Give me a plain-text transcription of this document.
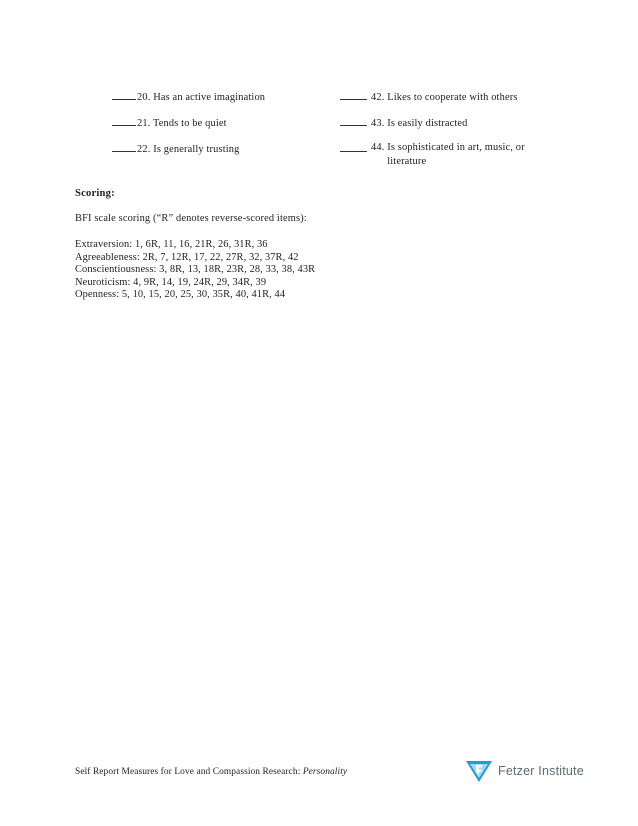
20. Has an active imagination
21. Tends to be quiet
22. Is generally trusting
42. Likes to cooperate with others
43. Is easily distracted
44.
Is sophisticated in art, music, or literature
Scoring:
BFI scale scoring (“R” denotes reverse-scored items):
Extraversion: 1, 6R, 11, 16, 21R, 26, 31R, 36
Agreeableness: 2R, 7, 12R, 17, 22, 27R, 32, 37R, 42
Conscientiousness: 3, 8R, 13, 18R, 23R, 28, 33, 38, 43R
Neuroticism: 4, 9R, 14, 19, 24R, 29, 34R, 39
Openness: 5, 10, 15, 20, 25, 30, 35R, 40, 41R, 44
Self Report Measures for Love and Compassion Research: Personality	Fetzer Institute
